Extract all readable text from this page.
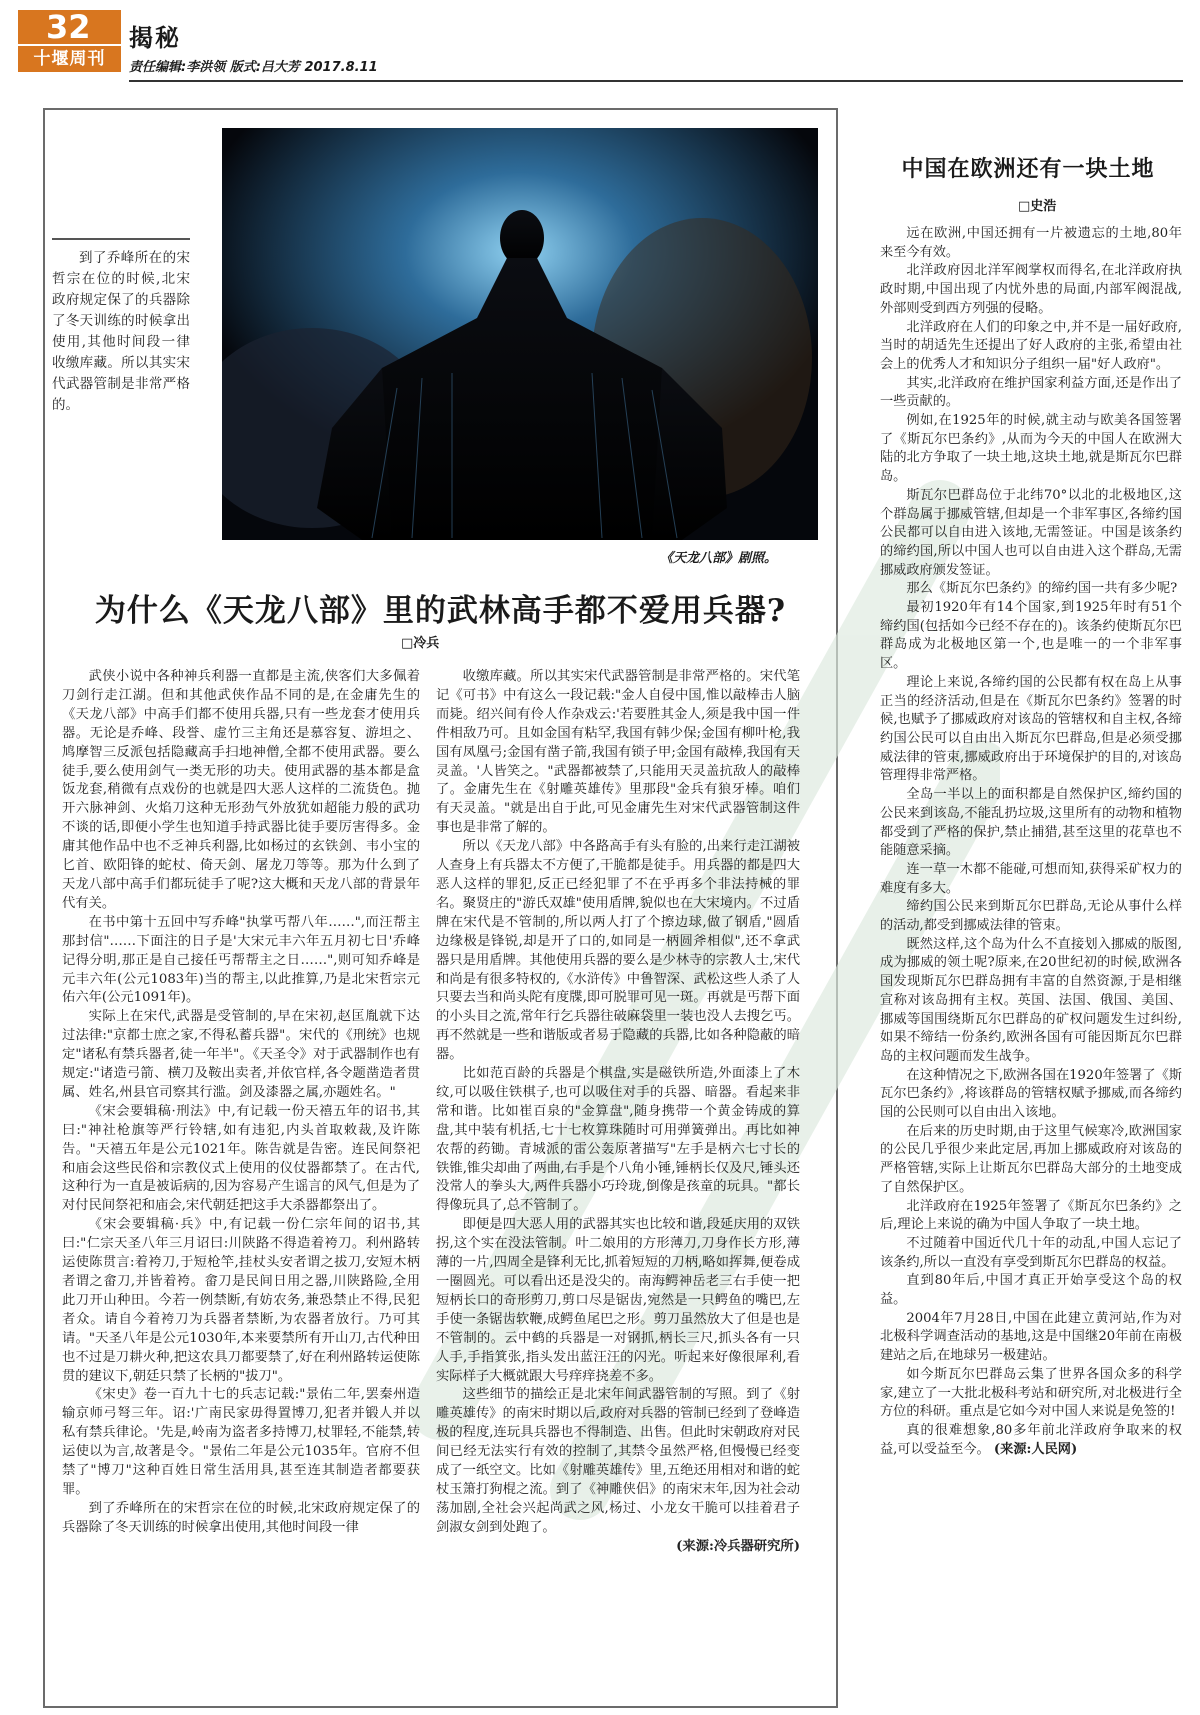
32
十堰周刊
揭秘
责任编辑:李洪领 版式:吕大芳 2017.8.11
《天龙八部》剧照。
到了乔峰所在的宋哲宗在位的时候,北宋政府规定保了的兵器除了冬天训练的时候拿出使用,其他时间段一律收缴库藏。所以其实宋代武器管制是非常严格的。
为什么《天龙八部》里的武林高手都不爱用兵器?
□冷兵

武侠小说中各种神兵利器一直都是主流,侠客们大多佩着刀剑行走江湖。但和其他武侠作品不同的是,在金庸先生的《天龙八部》中高手们都不使用兵器,只有一些龙套才使用兵器。无论是乔峰、段誉、虚竹三主角还是慕容复、游坦之、鸠摩智三反派包括隐藏高手扫地神僧,全都不使用武器。要么徒手,要么使用剑气一类无形的功夫。使用武器的基本都是盒饭龙套,稍微有点戏份的也就是四大恶人这样的二流货色。抛开六脉神剑、火焰刀这种无形劲气外放犹如超能力般的武功不谈的话,即便小学生也知道手持武器比徒手要厉害得多。金庸其他作品中也不乏神兵利器,比如杨过的玄铁剑、韦小宝的匕首、欧阳锋的蛇杖、倚天剑、屠龙刀等等。那为什么到了天龙八部中高手们都玩徒手了呢?这大概和天龙八部的背景年代有关。

在书中第十五回中写乔峰"执掌丐帮八年……",而汪帮主那封信"……下面注的日子是'大宋元丰六年五月初七日'乔峰记得分明,那正是自己接任丐帮帮主之日……",则可知乔峰是元丰六年(公元1083年)当的帮主,以此推算,乃是北宋哲宗元佑六年(公元1091年)。

实际上在宋代,武器是受管制的,早在宋初,赵匡胤就下达过法律:"京都士庶之家,不得私蓄兵器"。宋代的《刑统》也规定"诸私有禁兵器者,徒一年半"。《天圣令》对于武器制作也有规定:"诸造弓箭、横刀及鞍出卖者,并依官样,各令题凿造者贯属、姓名,州县官司察其行滥。剑及漆器之属,亦题姓名。"

《宋会要辑稿·刑法》中,有记载一份天禧五年的诏书,其曰:"神社枪旗等严行铃辖,如有违犯,内头首取敕裁,及许陈告。"天禧五年是公元1021年。陈告就是告密。连民间祭祀和庙会这些民俗和宗教仪式上使用的仪仗器都禁了。在古代,这种行为一直是被诟病的,因为容易产生谣言的风气,但是为了对付民间祭祀和庙会,宋代朝廷把这手大杀器都祭出了。

《宋会要辑稿·兵》中,有记载一份仁宗年间的诏书,其曰:"仁宗天圣八年三月诏曰:川陕路不得造着袴刀。利州路转运使陈贯言:着袴刀,于短枪竿,挂杖头安者谓之拔刀,安短木柄者谓之畲刀,并皆着袴。畲刀是民间日用之器,川陕路险,全用此刀开山种田。今若一例禁断,有妨农务,兼恐禁止不得,民犯者众。请自今着袴刀为兵器者禁断,为农器者放行。乃可其请。"天圣八年是公元1030年,本来要禁所有开山刀,古代种田也不过是刀耕火种,把这农具刀都要禁了,好在利州路转运使陈贯的建议下,朝廷只禁了长柄的"拔刀"。

《宋史》卷一百九十七的兵志记载:"景佑二年,罢秦州造输京师弓弩三年。诏:'广南民家毋得置博刀,犯者并锻人并以私有禁兵律论。'先是,岭南为盗者多持博刀,杖罪轻,不能禁,转运使以为言,故著是令。"景佑二年是公元1035年。官府不但禁了"博刀"这种百姓日常生活用具,甚至连其制造者都要获罪。

到了乔峰所在的宋哲宗在位的时候,北宋政府规定保了的兵器除了冬天训练的时候拿出使用,其他时间段一律

收缴库藏。所以其实宋代武器管制是非常严格的。宋代笔记《可书》中有这么一段记载:"金人自侵中国,惟以敲棒击人脑而毙。绍兴间有伶人作杂戏云:'若要胜其金人,须是我中国一件件相敌乃可。且如金国有粘罕,我国有韩少保;金国有柳叶枪,我国有凤凰弓;金国有凿子箭,我国有锁子甲;金国有敲棒,我国有天灵盖。'人皆笑之。"武器都被禁了,只能用天灵盖抗敌人的敲棒了。金庸先生在《射雕英雄传》里那段"金兵有狼牙棒。咱们有天灵盖。"就是出自于此,可见金庸先生对宋代武器管制这件事也是非常了解的。

所以《天龙八部》中各路高手有头有脸的,出来行走江湖被人查身上有兵器太不方便了,干脆都是徒手。用兵器的都是四大恶人这样的罪犯,反正已经犯罪了不在乎再多个非法持械的罪名。聚贤庄的"游氏双雄"使用盾牌,貌似也在大宋境内。不过盾牌在宋代是不管制的,所以两人打了个擦边球,做了钢盾,"圆盾边缘极是锋锐,却是开了口的,如同是一柄圆斧相似",还不拿武器只是用盾牌。其他使用兵器的要么是少林寺的宗教人士,宋代和尚是有很多特权的,《水浒传》中鲁智深、武松这些人杀了人只要去当和尚头陀有度牒,即可脱罪可见一斑。再就是丐帮下面的小头目之流,常年行乞兵器往破麻袋里一装也没人去搜乞丐。再不然就是一些和谐版或者易于隐藏的兵器,比如各种隐蔽的暗器。

比如范百龄的兵器是个棋盘,实是磁铁所造,外面漆上了木纹,可以吸住铁棋子,也可以吸住对手的兵器、暗器。看起来非常和谐。比如崔百泉的"金算盘",随身携带一个黄金铸成的算盘,其中装有机括,七十七枚算珠随时可用弹簧弹出。再比如神农帮的药锄。青城派的雷公轰原著描写"左手是柄六七寸长的铁锥,锥尖却曲了两曲,右手是个八角小锤,锤柄长仅及尺,锤头还没常人的拳头大,两件兵器小巧玲珑,倒像是孩童的玩具。"都长得像玩具了,总不管制了。

即便是四大恶人用的武器其实也比较和谐,段延庆用的双铁拐,这个实在没法管制。叶二娘用的方形薄刀,刀身作长方形,薄薄的一片,四周全是锋利无比,抓着短短的刀柄,略如挥舞,便卷成一圈圆光。可以看出还是没尖的。南海鳄神岳老三右手使一把短柄长口的奇形剪刀,剪口尽是锯齿,宛然是一只鳄鱼的嘴巴,左手使一条锯齿软鞭,成鳄鱼尾巴之形。剪刀虽然放大了但是也是不管制的。云中鹤的兵器是一对钢抓,柄长三尺,抓头各有一只人手,手指箕张,指头发出蓝汪汪的闪光。听起来好像很犀利,看实际样子大概就跟大号痒痒挠差不多。

这些细节的描绘正是北宋年间武器管制的写照。到了《射雕英雄传》的南宋时期以后,政府对兵器的管制已经到了登峰造极的程度,连玩具兵器也不得制造、出售。但此时宋朝政府对民间已经无法实行有效的控制了,其禁令虽然严格,但慢慢已经变成了一纸空文。比如《射雕英雄传》里,五绝还用相对和谐的蛇杖玉箫打狗棍之流。到了《神雕侠侣》的南宋末年,因为社会动荡加剧,全社会兴起尚武之风,杨过、小龙女干脆可以挂着君子剑淑女剑到处跑了。

(来源:冷兵器研究所)
中国在欧洲还有一块土地
□史浩

远在欧洲,中国还拥有一片被遗忘的土地,80年来至今有效。

北洋政府因北洋军阀掌权而得名,在北洋政府执政时期,中国出现了内忧外患的局面,内部军阀混战,外部则受到西方列强的侵略。

北洋政府在人们的印象之中,并不是一届好政府,当时的胡适先生还提出了好人政府的主张,希望由社会上的优秀人才和知识分子组织一届"好人政府"。

其实,北洋政府在维护国家利益方面,还是作出了一些贡献的。

例如,在1925年的时候,就主动与欧美各国签署了《斯瓦尔巴条约》,从而为今天的中国人在欧洲大陆的北方争取了一块土地,这块土地,就是斯瓦尔巴群岛。

斯瓦尔巴群岛位于北纬70°以北的北极地区,这个群岛属于挪威管辖,但却是一个非军事区,各缔约国公民都可以自由进入该地,无需签证。中国是该条约的缔约国,所以中国人也可以自由进入这个群岛,无需挪威政府颁发签证。

那么《斯瓦尔巴条约》的缔约国一共有多少呢?

最初1920年有14个国家,到1925年时有51个缔约国(包括如今已经不存在的)。该条约使斯瓦尔巴群岛成为北极地区第一个,也是唯一的一个非军事区。

理论上来说,各缔约国的公民都有权在岛上从事正当的经济活动,但是在《斯瓦尔巴条约》签署的时候,也赋予了挪威政府对该岛的管辖权和自主权,各缔约国公民可以自由出入斯瓦尔巴群岛,但是必须受挪威法律的管束,挪威政府出于环境保护的目的,对该岛管理得非常严格。

全岛一半以上的面积都是自然保护区,缔约国的公民来到该岛,不能乱扔垃圾,这里所有的动物和植物都受到了严格的保护,禁止捕猎,甚至这里的花草也不能随意采摘。

连一草一木都不能碰,可想而知,获得采矿权力的难度有多大。

缔约国公民来到斯瓦尔巴群岛,无论从事什么样的活动,都受到挪威法律的管束。

既然这样,这个岛为什么不直接划入挪威的版图,成为挪威的领土呢?原来,在20世纪初的时候,欧洲各国发现斯瓦尔巴群岛拥有丰富的自然资源,于是相继宣称对该岛拥有主权。英国、法国、俄国、美国、挪威等国围绕斯瓦尔巴群岛的矿权问题发生过纠纷,如果不缔结一份条约,欧洲各国有可能因斯瓦尔巴群岛的主权问题而发生战争。

在这种情况之下,欧洲各国在1920年签署了《斯瓦尔巴条约》,将该群岛的管辖权赋予挪威,而各缔约国的公民则可以自由出入该地。

在后来的历史时期,由于这里气候寒冷,欧洲国家的公民几乎很少来此定居,再加上挪威政府对该岛的严格管辖,实际上让斯瓦尔巴群岛大部分的土地变成了自然保护区。

北洋政府在1925年签署了《斯瓦尔巴条约》之后,理论上来说的确为中国人争取了一块土地。

不过随着中国近代几十年的动乱,中国人忘记了该条约,所以一直没有享受到斯瓦尔巴群岛的权益。

直到80年后,中国才真正开始享受这个岛的权益。

2004年7月28日,中国在此建立黄河站,作为对北极科学调查活动的基地,这是中国继20年前在南极建站之后,在地球另一极建站。

如今斯瓦尔巴群岛云集了世界各国众多的科学家,建立了一大批北极科考站和研究所,对北极进行全方位的科研。重点是它如今对中国人来说是免签的!

真的很难想象,80多年前北洋政府争取来的权益,可以受益至今。 (来源:人民网)
